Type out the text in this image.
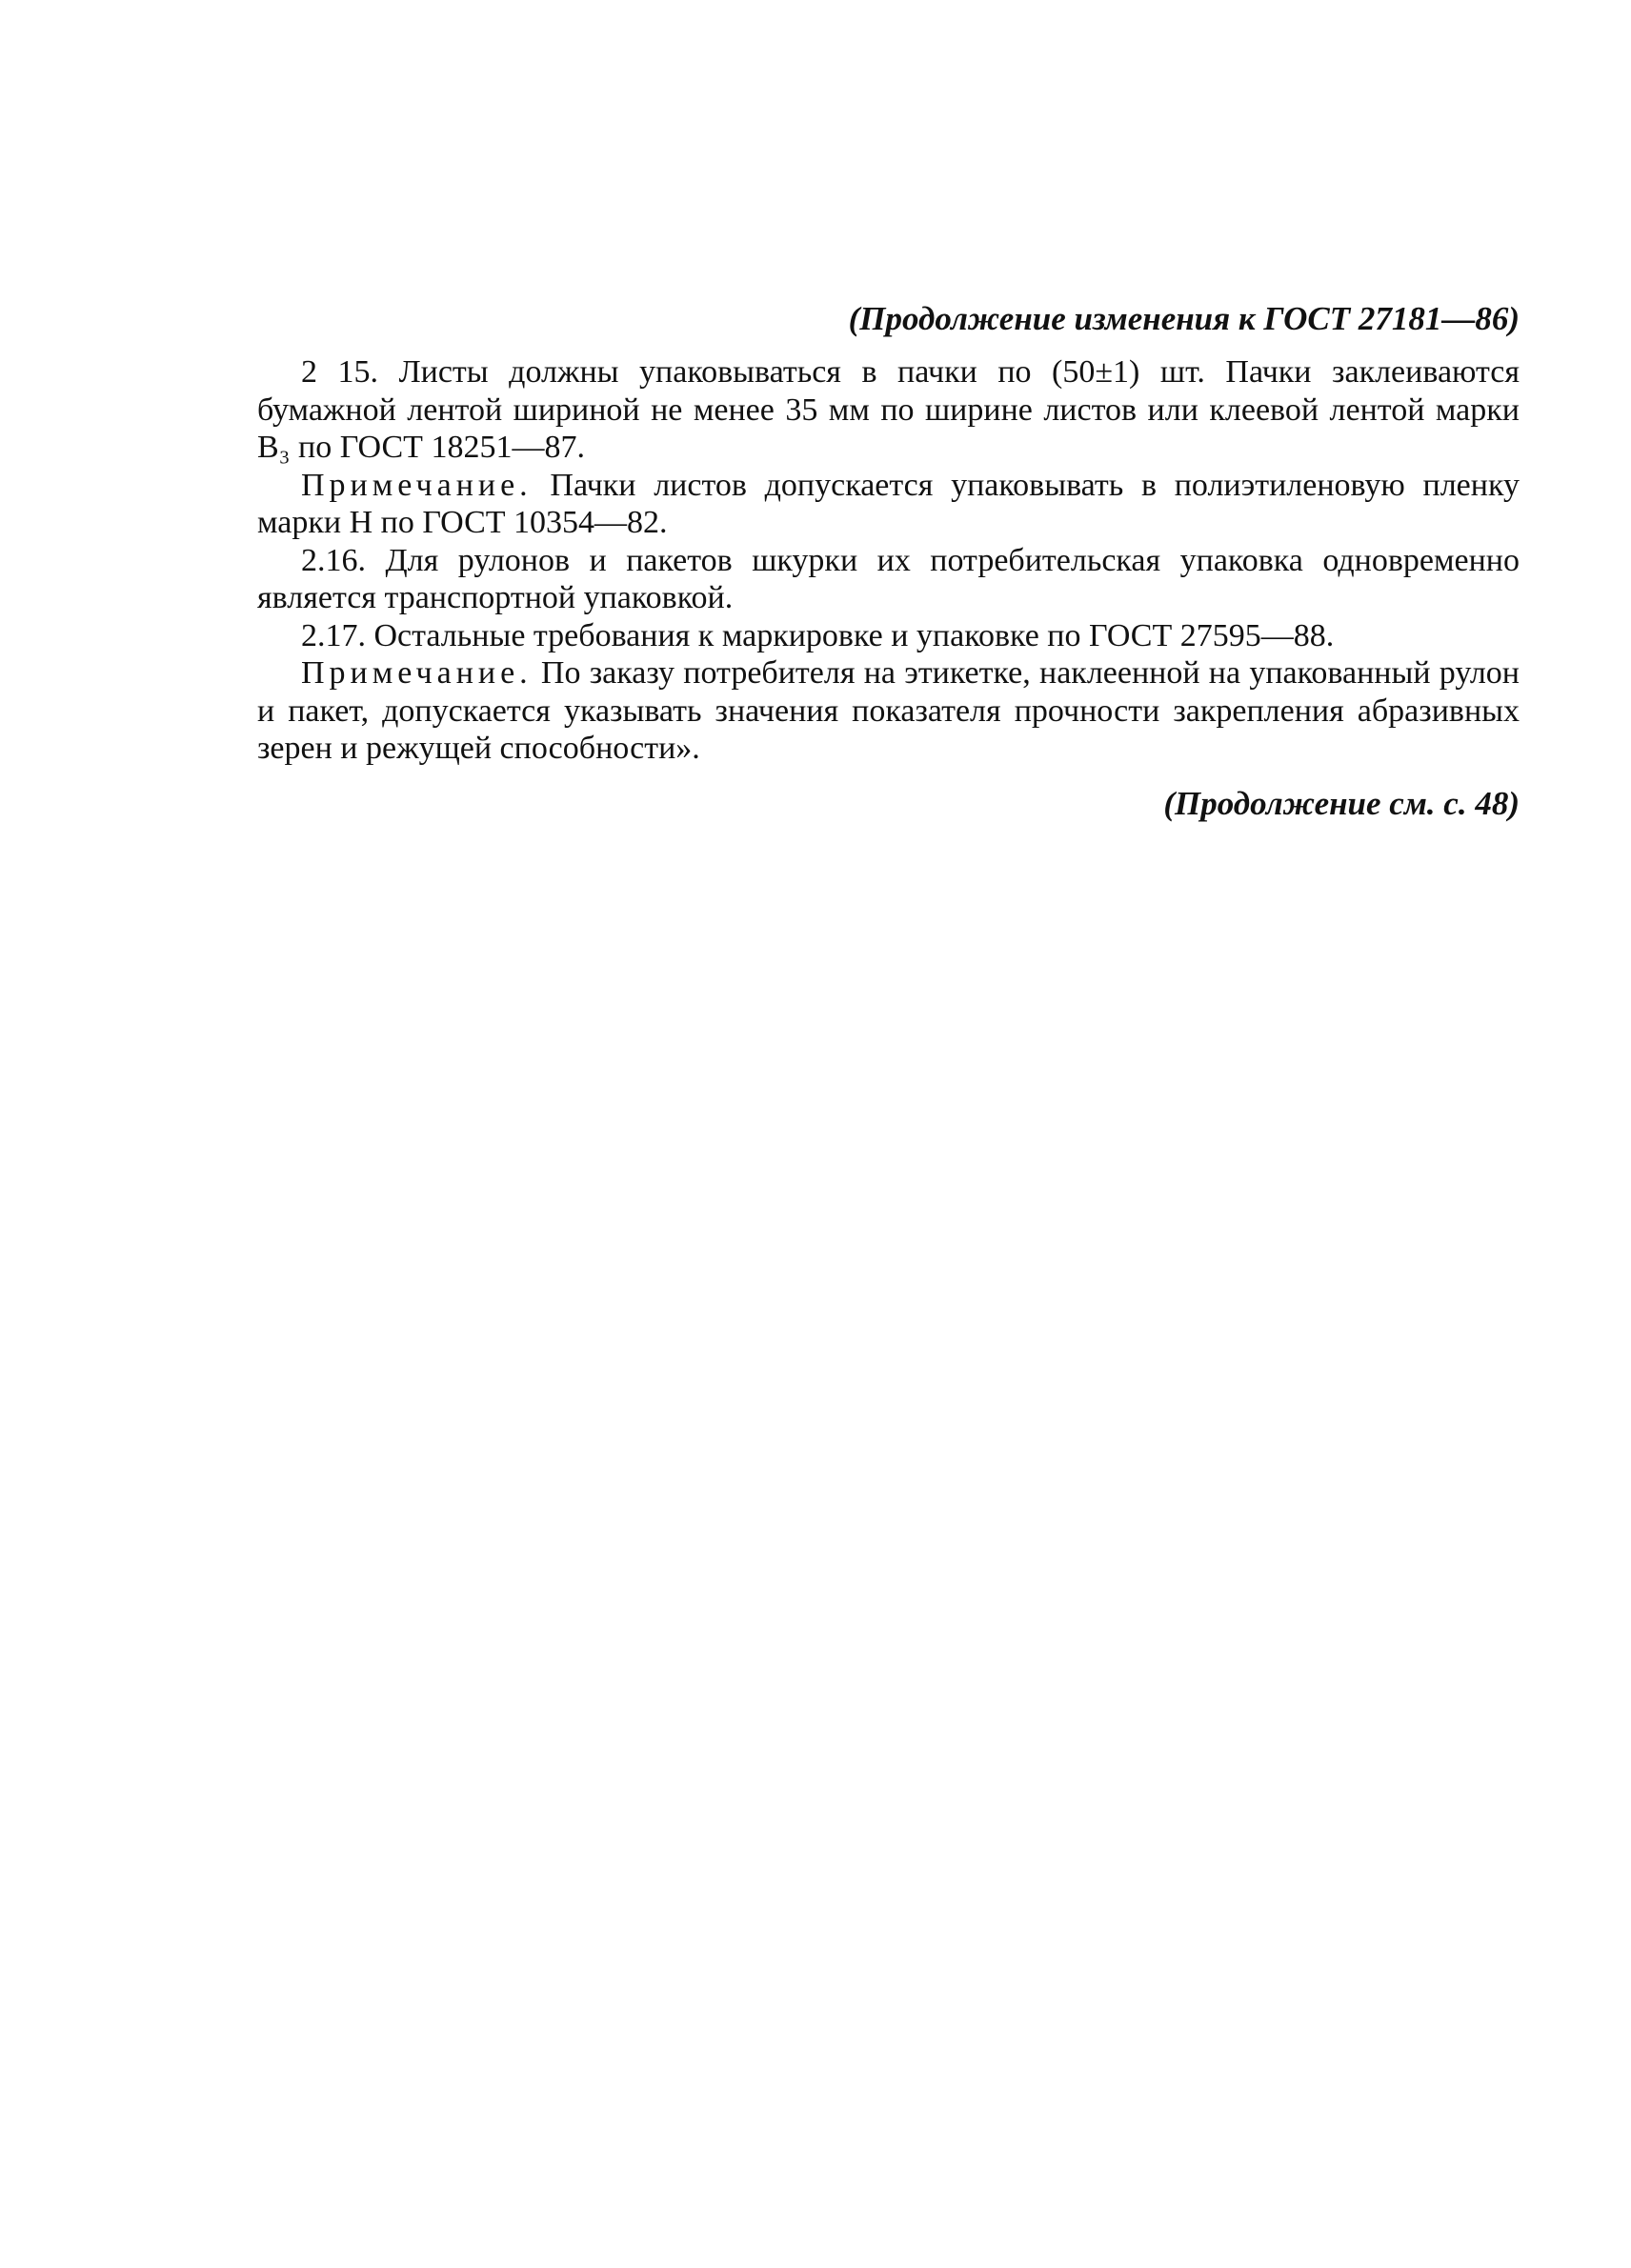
(Продолжение изменения к ГОСТ 27181—86)

2 15. Листы должны упаковываться в пачки по (50±1) шт. Пачки заклеиваются бумажной лентой шириной не менее 35 мм по ширине листов или клеевой лентой марки В₃ по ГОСТ 18251—87.

Примечание. Пачки листов допускается упаковывать в полиэтиленовую пленку марки Н по ГОСТ 10354—82.

2.16. Для рулонов и пакетов шкурки их потребительская упаковка одновременно является транспортной упаковкой.

2.17. Остальные требования к маркировке и упаковке по ГОСТ 27595—88.

Примечание. По заказу потребителя на этикетке, наклеенной на упакованный рулон и пакет, допускается указывать значения показателя прочности закрепления абразивных зерен и режущей способности».

(Продолжение см. с. 48)
